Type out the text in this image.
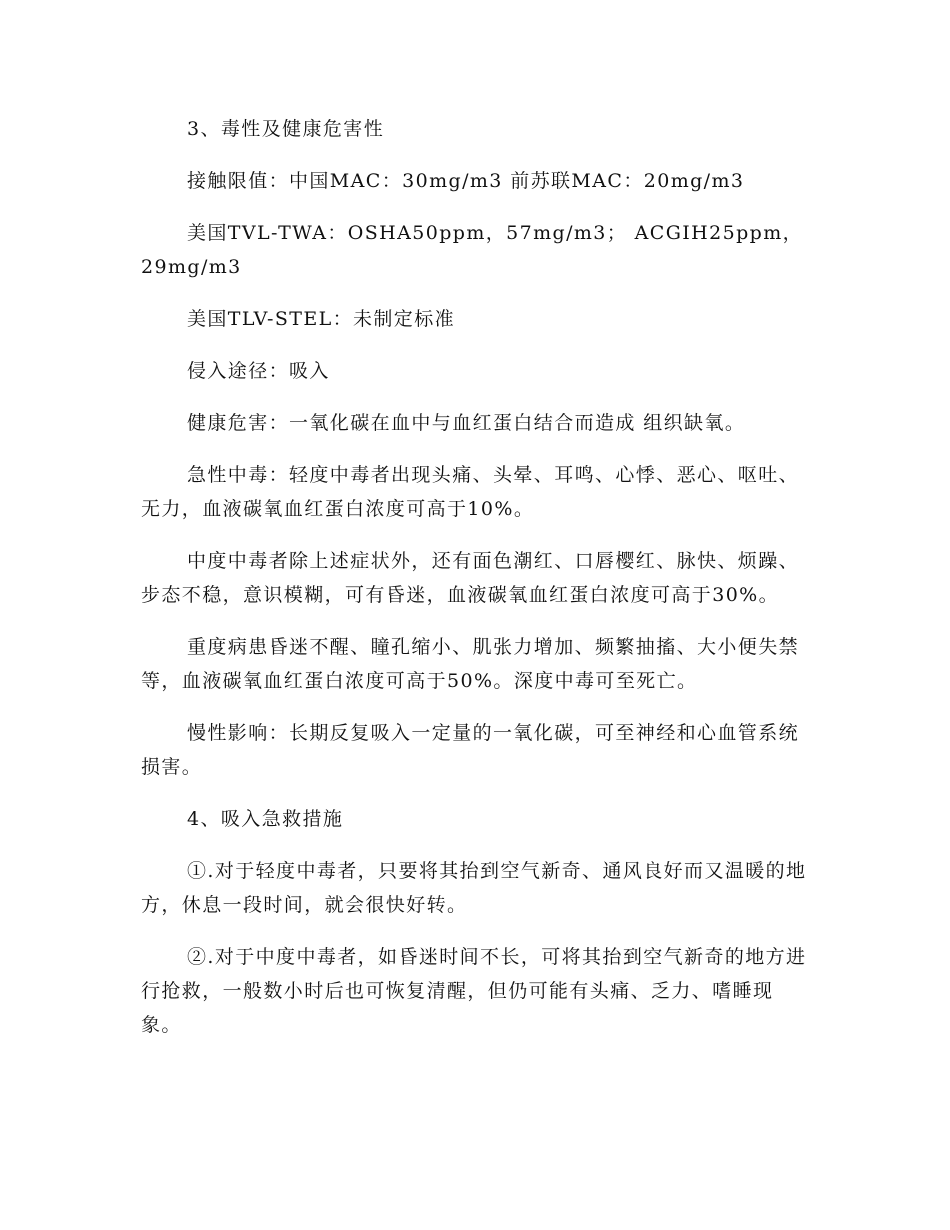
3、毒性及健康危害性

接触限值：中国MAC：30mg/m3 前苏联MAC：20mg/m3

美国TVL-TWA：OSHA50ppm，57mg/m3； ACGIH25ppm，29mg/m3

美国TLV-STEL：未制定标准

侵入途径：吸入

健康危害：一氧化碳在血中与血红蛋白结合而造成 组织缺氧。

急性中毒：轻度中毒者出现头痛、头晕、耳鸣、心悸、恶心、呕吐、无力，血液碳氧血红蛋白浓度可高于10%。

中度中毒者除上述症状外，还有面色潮红、口唇樱红、脉快、烦躁、步态不稳，意识模糊，可有昏迷，血液碳氧血红蛋白浓度可高于30%。

重度病患昏迷不醒、瞳孔缩小、肌张力增加、频繁抽搐、大小便失禁等，血液碳氧血红蛋白浓度可高于50%。深度中毒可至死亡。

慢性影响：长期反复吸入一定量的一氧化碳，可至神经和心血管系统损害。

4、吸入急救措施

①.对于轻度中毒者，只要将其抬到空气新奇、通风良好而又温暖的地方，休息一段时间，就会很快好转。

②.对于中度中毒者，如昏迷时间不长，可将其抬到空气新奇的地方进行抢救，一般数小时后也可恢复清醒，但仍可能有头痛、乏力、嗜睡现象。
